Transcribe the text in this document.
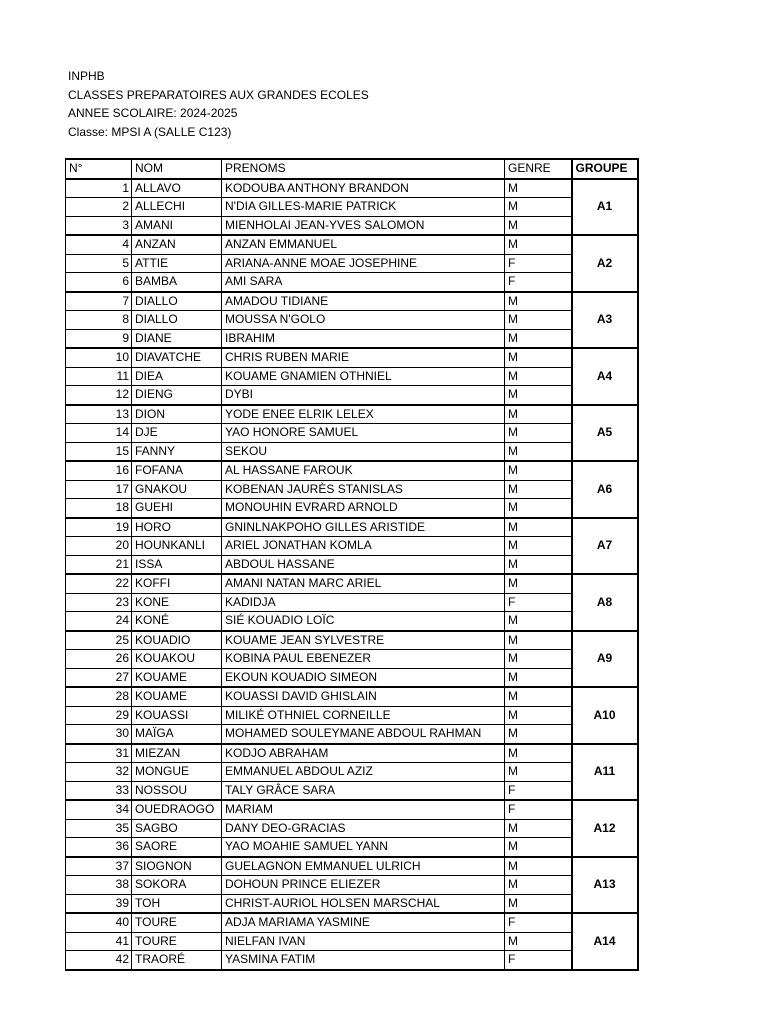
INPHB
CLASSES PREPARATOIRES AUX GRANDES ECOLES
ANNEE SCOLAIRE: 2024-2025
Classe: MPSI A (SALLE C123)
N°	NOM	PRENOMS	GENRE	GROUPE
1	ALLAVO	KODOUBA ANTHONY BRANDON	M	A1
2	ALLECHI	N'DIA GILLES-MARIE PATRICK	M	
3	AMANI	MIENHOLAI JEAN-YVES SALOMON	M	
4	ANZAN	ANZAN EMMANUEL	M	A2
5	ATTIE	ARIANA-ANNE MOAE JOSEPHINE	F	
6	BAMBA	AMI SARA	F	
7	DIALLO	AMADOU TIDIANE	M	A3
8	DIALLO	MOUSSA N'GOLO	M	
9	DIANE	IBRAHIM	M	
10	DIAVATCHE	CHRIS RUBEN MARIE	M	A4
11	DIEA	KOUAME GNAMIEN OTHNIEL	M	
12	DIENG	DYBI	M	
13	DION	YODE ENEE ELRIK LELEX	M	A5
14	DJE	YAO HONORE SAMUEL	M	
15	FANNY	SEKOU	M	
16	FOFANA	AL HASSANE FAROUK	M	A6
17	GNAKOU	KOBENAN JAURÈS STANISLAS	M	
18	GUEHI	MONOUHIN EVRARD ARNOLD	M	
19	HORO	GNINLNAKPOHO GILLES ARISTIDE	M	A7
20	HOUNKANLI	ARIEL JONATHAN KOMLA	M	
21	ISSA	ABDOUL HASSANE	M	
22	KOFFI	AMANI NATAN MARC ARIEL	M	A8
23	KONE	KADIDJA	F	
24	KONÉ	SIÉ KOUADIO LOÏC	M	
25	KOUADIO	KOUAME JEAN SYLVESTRE	M	A9
26	KOUAKOU	KOBINA PAUL EBENEZER	M	
27	KOUAME	EKOUN KOUADIO SIMEON	M	
28	KOUAME	KOUASSI DAVID GHISLAIN	M	A10
29	KOUASSI	MILIKÉ OTHNIEL CORNEILLE	M	
30	MAÏGA	MOHAMED SOULEYMANE ABDOUL RAHMAN	M	
31	MIEZAN	KODJO ABRAHAM	M	A11
32	MONGUE	EMMANUEL ABDOUL AZIZ	M	
33	NOSSOU	TALY GRÂCE SARA	F	
34	OUEDRAOGO	MARIAM	F	A12
35	SAGBO	DANY DEO-GRACIAS	M	
36	SAORE	YAO MOAHIE SAMUEL YANN	M	
37	SIOGNON	GUELAGNON EMMANUEL ULRICH	M	A13
38	SOKORA	DOHOUN PRINCE ELIEZER	M	
39	TOH	CHRIST-AURIOL HOLSEN MARSCHAL	M	
40	TOURE	ADJA MARIAMA YASMINE	F	A14
41	TOURE	NIELFAN IVAN	M	
42	TRAORÉ	YASMINA FATIM	F	
